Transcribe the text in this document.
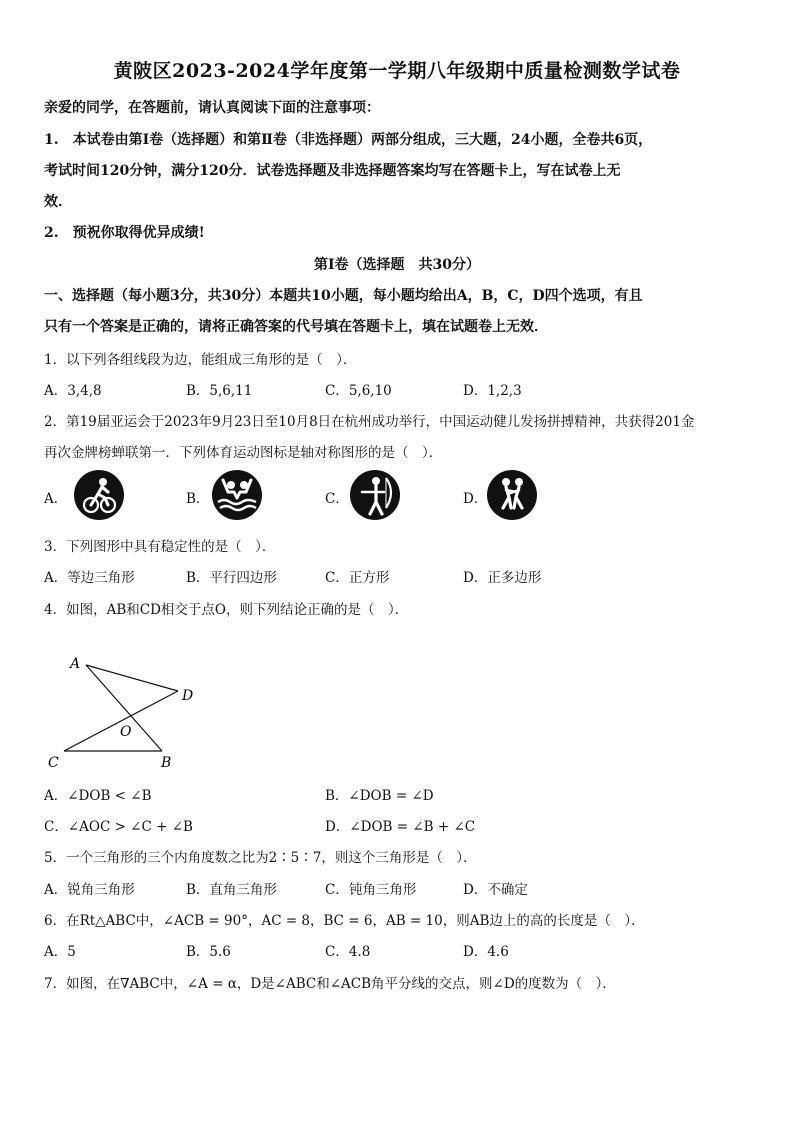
黄陂区2023-2024学年度第一学期八年级期中质量检测数学试卷
亲爱的同学，在答题前，请认真阅读下面的注意事项：
1.　本试卷由第Ⅰ卷（选择题）和第Ⅱ卷（非选择题）两部分组成，三大题，24小题，全卷共6页，
考试时间120分钟，满分120分．试卷选择题及非选择题答案均写在答题卡上，写在试卷上无
效．
2.　预祝你取得优异成绩!
第Ⅰ卷（选择题　共30分）
一、选择题（每小题3分，共30分）本题共10小题，每小题均给出A，B，C，D四个选项，有且
只有一个答案是正确的，请将正确答案的代号填在答题卡上，填在试题卷上无效．
1．以下列各组线段为边，能组成三角形的是（　）．
A．3,4,8	B．5,6,11	C．5,6,10	D．1,2,3
2．第19届亚运会于2023年9月23日至10月8日在杭州成功举行，中国运动健儿发扬拼搏精神，共获得201金
再次金牌榜蝉联第一．下列体育运动图标是轴对称图形的是（　）．
A．	B．	C．	D．
3．下列图形中具有稳定性的是（　）．
A．等边三角形	B．平行四边形	C．正方形	D．正多边形
4．如图，AB和CD相交于点O，则下列结论正确的是（　）．
A
D
O
C	B
A．∠DOB < ∠B	B．∠DOB = ∠D
C．∠AOC > ∠C + ∠B	D．∠DOB = ∠B + ∠C
5．一个三角形的三个内角度数之比为2∶5∶7，则这个三角形是（　）．
A．锐角三角形	B．直角三角形	C．钝角三角形	D．不确定
6．在Rt△ABC中，∠ACB = 90°，AC = 8，BC = 6，AB = 10，则AB边上的高的长度是（　）．
A．5	B．5.6	C．4.8	D．4.6
7．如图，在∇ABC中，∠A = α，D是∠ABC和∠ACB角平分线的交点，则∠D的度数为（　）．
